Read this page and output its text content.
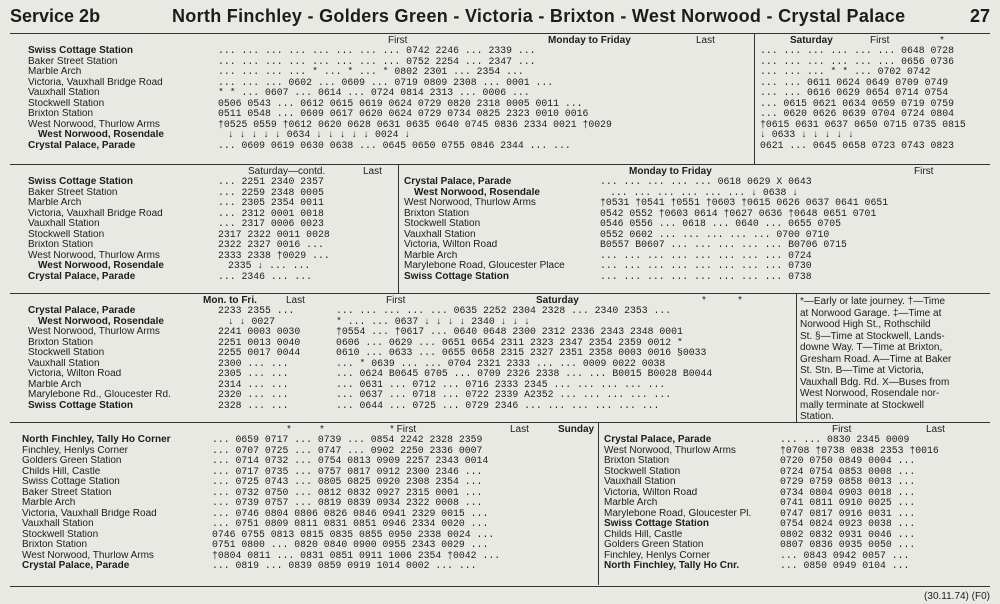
Service 2b	North Finchley - Golders Green - Victoria - Brixton - West Norwood - Crystal Palace	27
First	Monday to Friday	Last
Swiss Cottage Station	... ... ... ... ... ... ... ... 0742 2246 ... 2339 ...
Baker Street Station	... ... ... ... ... ... ... ... 0752 2254 ... 2347 ...
Marble Arch	... ... ... ... * ... * ... * 0802 2301 ... 2354 ...
Victoria, Vauxhall Bridge Road	... ... ... 0602 ... 0609 ... 0719 0809 2308 ... 0001 ...
Vauxhall Station	* * ... 0607 ... 0614 ... 0724 0814 2313 ... 0006 ...
Stockwell Station	0506 0543 ... 0612 0615 0619 0624 0729 0820 2318 0005 0011 ...
Brixton Station	0511 0548 ... 0609 0617 0620 0624 0729 0734 0825 2323 0010 0016
West Norwood, Thurlow Arms	†0525 0559 †0612 0620 0628 0631 0635 0640 0745 0836 2334 0021 †0029
West Norwood, Rosendale	↓ ↓ ↓ ↓ ↓ 0634 ↓ ↓ ↓ ↓ ↓ 0024 ↓
Crystal Palace, Parade	... 0609 0619 0630 0638 ... 0645 0650 0755 0846 2344 ... ...
Saturday	First	*
... ... ... ... ... ... 0648 0728
... ... ... ... ... ... 0656 0736
... ... ... * * ... 0702 0742
... ... 0611 0624 0649 0709 0749
... ... 0616 0629 0654 0714 0754
... 0615 0621 0634 0659 0719 0759
... 0620 0626 0639 0704 0724 0804
†0615 0631 0637 0650 0715 0735 0815
↓ 0633 ↓ ↓ ↓ ↓ ↓
0621 ... 0645 0658 0723 0743 0823
Saturday—contd.	Last
Swiss Cottage Station	... 2251 2340 2357
Baker Street Station	... 2259 2348 0005
Marble Arch	... 2305 2354 0011
Victoria, Vauxhall Bridge Road	... 2312 0001 0018
Vauxhall Station	... 2317 0006 0023
Stockwell Station	2317 2322 0011 0028
Brixton Station	2322 2327 0016 ...
West Norwood, Thurlow Arms	2333 2338 †0029 ...
West Norwood, Rosendale	2335 ↓ ... ...
Crystal Palace, Parade	... 2346 ... ...
Monday to Friday	First
Crystal Palace, Parade	... ... ... ... ... 0618 0629 X 0643
West Norwood, Rosendale	... ... ... ... ... ... ↓ 0638 ↓
West Norwood, Thurlow Arms	†0531 †0541 †0551 †0603 †0615 0626 0637 0641 0651
Brixton Station	0542 0552 †0603 0614 †0627 0636 †0648 0651 0701
Stockwell Station	0546 0556 ... 0618 ... 0640 ... 0655 0705
Vauxhall Station	0552 0602 ... ... ... ... ... 0700 0710
Victoria, Wilton Road	B0557 B0607 ... ... ... ... ... B0706 0715
Marble Arch	... ... ... ... ... ... ... ... 0724
Marylebone Road, Gloucester Place	... ... ... ... ... ... ... ... 0730
Swiss Cottage Station	... ... ... ... ... ... ... ... 0738
Mon. to Fri.	Last
Crystal Palace, Parade	2233 2355 ...
West Norwood, Rosendale	↓ ↓ 0027
West Norwood, Thurlow Arms	2241 0003 0030
Brixton Station	2251 0013 0040
Stockwell Station	2255 0017 0044
Vauxhall Station	2300 ... ...
Victoria, Wilton Road	2305 ... ...
Marble Arch	2314 ... ...
Marylebone Rd., Gloucester Rd.	2320 ... ...
Swiss Cottage Station	2328 ... ...
First	Saturday	*	*
... ... ... ... ... 0635 2252 2304 2328 ... 2340 2353 ...
* ... ... 0637 ↓ ↓ ↓ ↓ 2340 ↓ ↓ ↓
†0554 ... †0617 ... 0640 0648 2300 2312 2336 2343 2348 0001
0606 ... 0629 ... 0651 0654 2311 2323 2347 2354 2359 0012 *
0610 ... 0633 ... 0655 0658 2315 2327 2351 2358 0003 0016 §0033
... * 0639 ... ... 0704 2321 2333 ... ... 0009 0022 0038
... 0624 B0645 0705 ... 0709 2326 2338 ... ... B0015 B0028 B0044
... 0631 ... 0712 ... 0716 2333 2345 ... ... ... ... ...
... 0637 ... 0718 ... 0722 2339 A2352 ... ... ... ... ...
... 0644 ... 0725 ... 0729 2346 ... ... ... ... ... ...
*—Early or late journey. †—Time
at Norwood Garage. ‡—Time at
Norwood High St., Rothschild
St. §—Time at Stockwell, Lands-
downe Way. T—Time at Brixton,
Gresham Road. A—Time at Baker
St. Stn. B—Time at Victoria,
Vauxhall Bdg. Rd. X—Buses from
West Norwood, Rosendale nor-
mally terminate at Stockwell
Station.
*	*	* First	Last	Sunday
North Finchley, Tally Ho Corner	... 0659 0717 ... 0739 ... 0854 2242 2328 2359
Finchley, Henlys Corner	... 0707 0725 ... 0747 ... 0902 2250 2336 0007
Golders Green Station	... 0714 0732 ... 0754 0813 0909 2257 2343 0014
Childs Hill, Castle	... 0717 0735 ... 0757 0817 0912 2300 2346 ...
Swiss Cottage Station	... 0725 0743 ... 0805 0825 0920 2308 2354 ...
Baker Street Station	... 0732 0750 ... 0812 0832 0927 2315 0001 ...
Marble Arch	... 0739 0757 ... 0819 0839 0934 2322 0008 ...
Victoria, Vauxhall Bridge Road	... 0746 0804 0806 0826 0846 0941 2329 0015 ...
Vauxhall Station	... 0751 0809 0811 0831 0851 0946 2334 0020 ...
Stockwell Station	0746 0755 0813 0815 0835 0855 0950 2338 0024 ...
Brixton Station	0751 0800 ... 0820 0840 0900 0955 2343 0029 ...
West Norwood, Thurlow Arms	†0804 0811 ... 0831 0851 0911 1006 2354 †0042 ...
Crystal Palace, Parade	... 0819 ... 0839 0859 0919 1014 0002 ... ...
First	Last
Crystal Palace, Parade	... ... 0830 2345 0009
West Norwood, Thurlow Arms	†0708 †0738 0838 2353 †0016
Brixton Station	0720 0750 0849 0004 ...
Stockwell Station	0724 0754 0853 0008 ...
Vauxhall Station	0729 0759 0858 0013 ...
Victoria, Wilton Road	0734 0804 0903 0018 ...
Marble Arch	0741 0811 0910 0025 ...
Marylebone Road, Gloucester Pl.	0747 0817 0916 0031 ...
Swiss Cottage Station	0754 0824 0923 0038 ...
Childs Hill, Castle	0802 0832 0931 0046 ...
Golders Green Station	0807 0836 0935 0050 ...
Finchley, Henlys Corner	... 0843 0942 0057 ...
North Finchley, Tally Ho Cnr.	... 0850 0949 0104 ...
(30.11.74) (F0)
